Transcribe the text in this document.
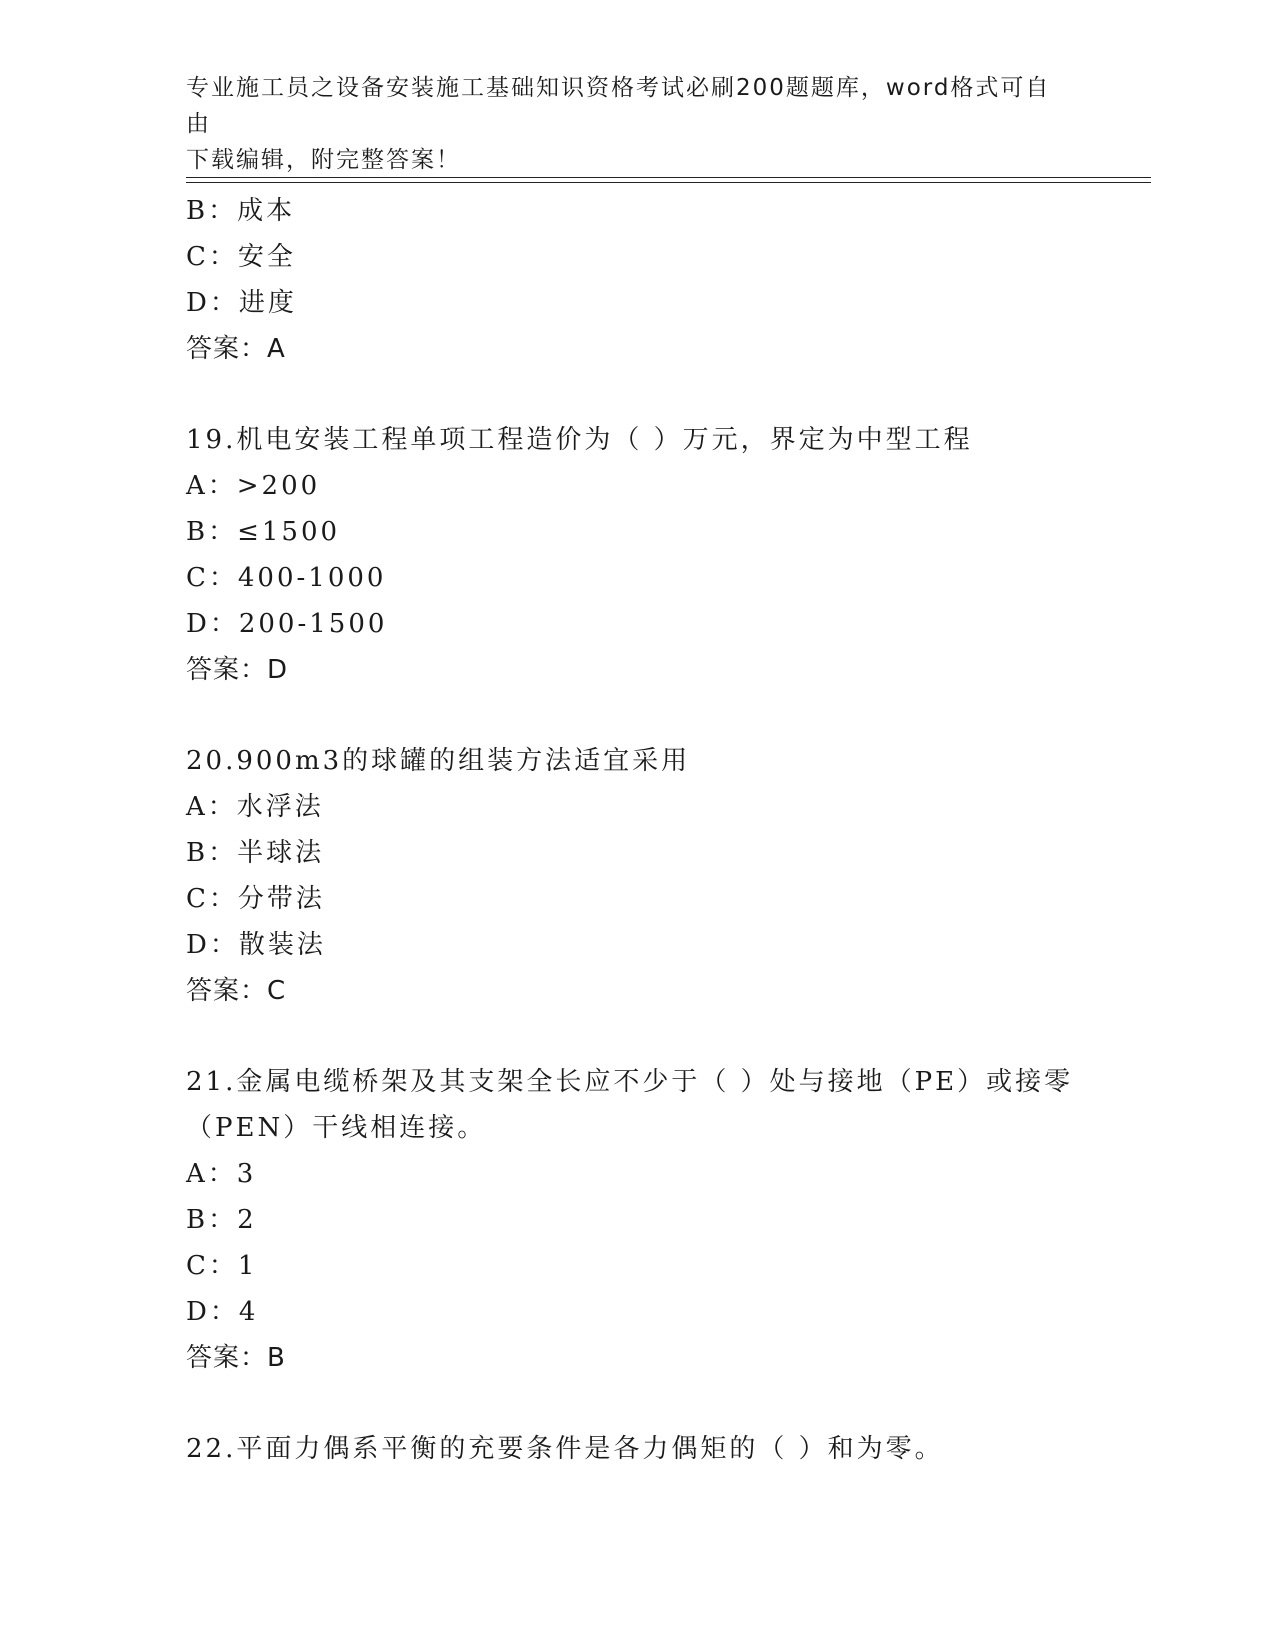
专业施工员之设备安装施工基础知识资格考试必刷200题题库，word格式可自由
下载编辑，附完整答案！
B：成本
C：安全
D：进度
答案：A
19.机电安装工程单项工程造价为（ ）万元，界定为中型工程
A：>200
B：≤1500
C：400-1000
D：200-1500
答案：D
20.900m3的球罐的组装方法适宜采用
A：水浮法
B：半球法
C：分带法
D：散装法
答案：C
21.金属电缆桥架及其支架全长应不少于（ ）处与接地（PE）或接零
（PEN）干线相连接。
A：3
B：2
C：1
D：4
答案：B
22.平面力偶系平衡的充要条件是各力偶矩的（ ）和为零。
